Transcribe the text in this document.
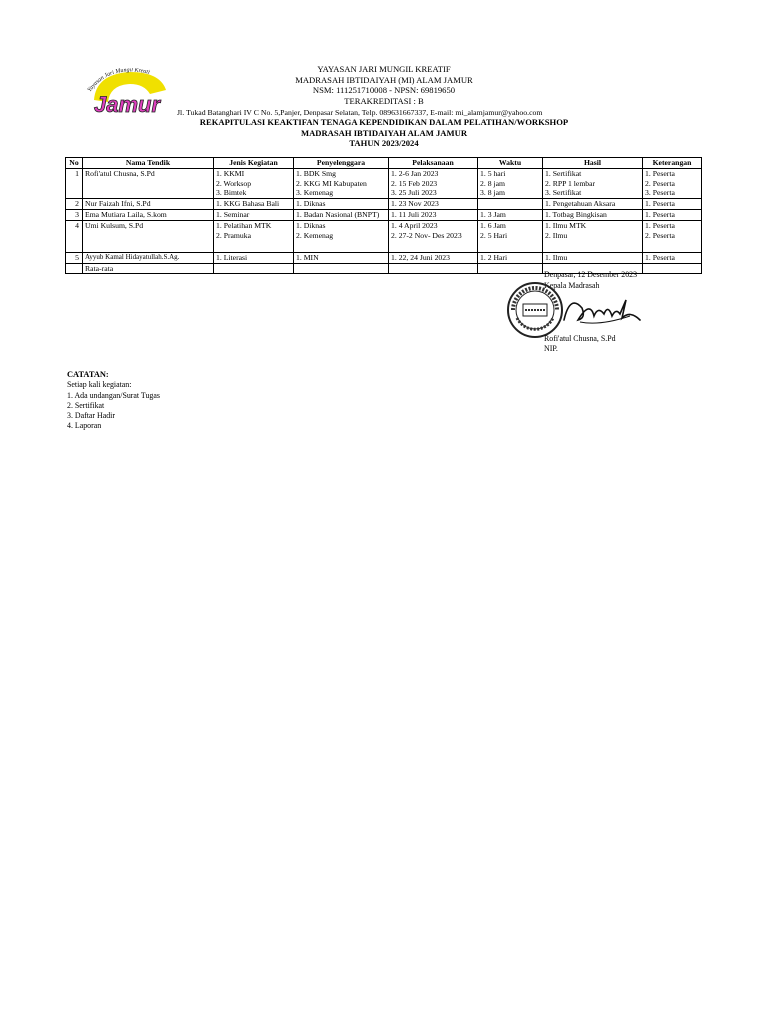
Yayasan Jari Mungil Kreati
Jamur
YAYASAN JARI MUNGIL KREATIF
MADRASAH IBTIDAIYAH (MI) ALAM JAMUR
NSM: 111251710008 - NPSN: 69819650
TERAKREDITASI : B
Jl. Tukad Batanghari IV C No. 5,Panjer, Denpasar Selatan, Telp. 089631667337, E-mail: mi_alamjamur@yahoo.com
REKAPITULASI KEAKTIFAN TENAGA KEPENDIDIKAN DALAM PELATIHAN/WORKSHOP
MADRASAH IBTIDAIYAH ALAM JAMUR
TAHUN 2023/2024
No	Nama Tendik	Jenis Kegiatan	Penyelenggara	Pelaksanaan	Waktu	Hasil	Keterangan
1	Rofi'atul Chusna, S.Pd	1. KKMI	1. BDK Smg	1. 2-6 Jan 2023	1. 5 hari	1. Sertifikat	1. Peserta
		2. Worksop	2. KKG MI Kabupaten	2. 15 Feb 2023	2. 8 jam	2. RPP 1 lembar	2. Peserta
		3. Bimtek	3. Kemenag	3. 25 Juli 2023	3. 8 jam	3. Sertifikat	3. Peserta
2	Nur Faizah Ifni, S.Pd	1. KKG Bahasa Bali	1. Diknas	1. 23 Nov 2023		1. Pengetahuan Aksara	1. Peserta
3	Ema Mutiara Laila, S.kom	1. Seminar	1. Badan Nasional (BNPT)	1. 11 Juli 2023	1. 3 Jam	1. Totbag Bingkisan	1. Peserta
4	Umi Kulsum, S.Pd	1. Pelatihan MTK	1. Diknas	1. 4 April 2023	1. 6 Jam	1. Ilmu MTK	1. Peserta
		2. Pramuka	2. Kemenag	2. 27-2 Nov- Des 2023	2. 5 Hari	2. Ilmu	2. Peserta

5	Ayyub Kamal Hidayatullah.S.Ag.	1. Literasi	1. MIN	1. 22, 24 Juni 2023	1. 2 Hari	1. Ilmu	1. Peserta
	Rata-rata						
Denpasar, 12 Desember 2023
Kepala Madrasah
Rofi'atul Chusna, S.Pd
NIP.
CATATAN:
Setiap kali kegiatan:
1. Ada undangan/Surat Tugas
2. Sertifikat
3. Daftar Hadir
4. Laporan
